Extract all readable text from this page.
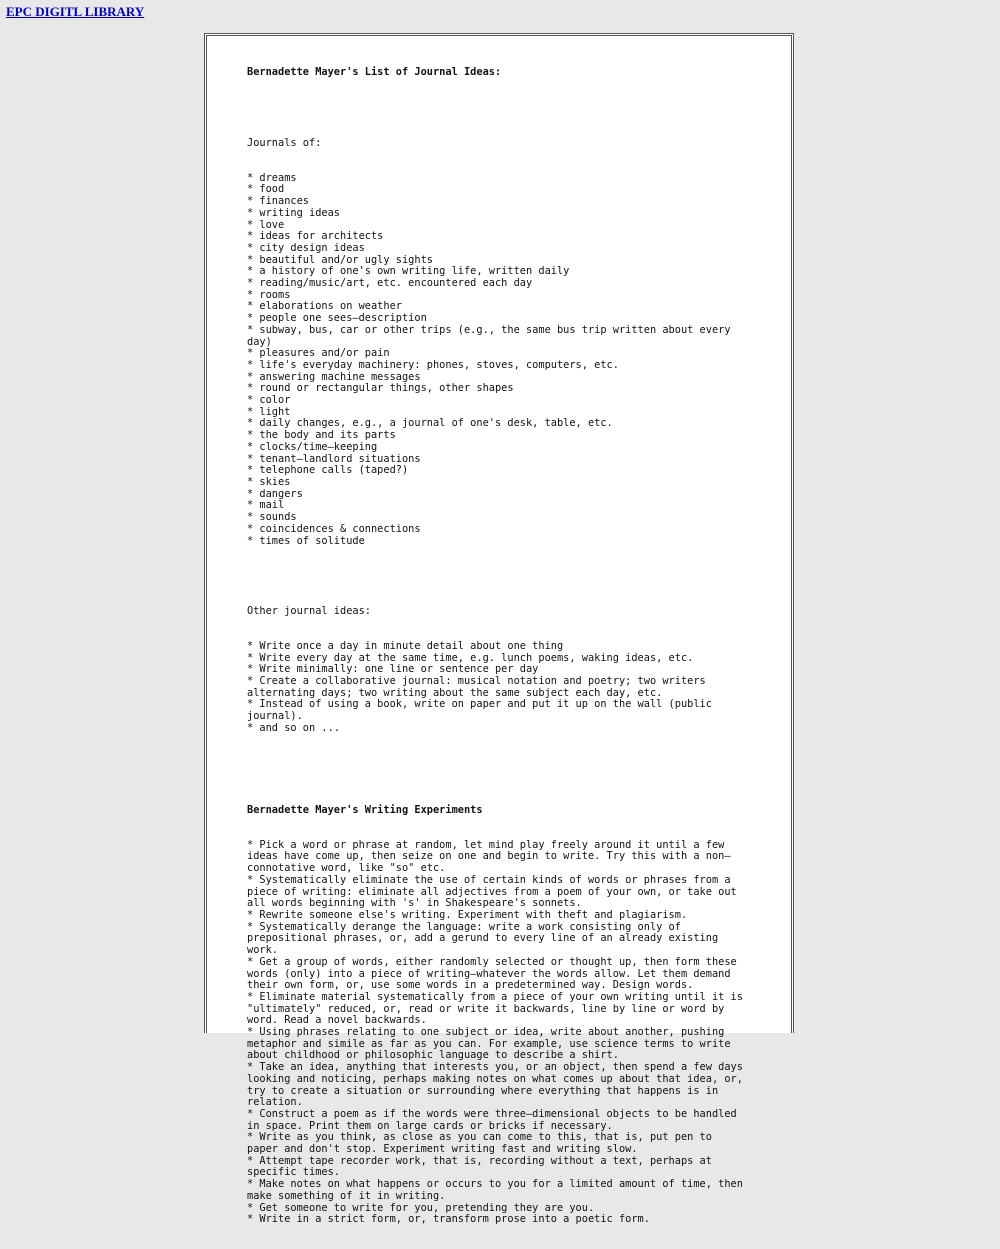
EPC DIGITL LIBRARY

Bernadette Mayer's List of Journal Ideas:

Journals of:

* dreams
* food
* finances
* writing ideas
* love
* ideas for architects
* city design ideas
* beautiful and/or ugly sights
* a history of one's own writing life, written daily
* reading/music/art, etc. encountered each day
* rooms
* elaborations on weather
* people one sees—description
* subway, bus, car or other trips (e.g., the same bus trip written about every day)
* pleasures and/or pain
* life's everyday machinery: phones, stoves, computers, etc.
* answering machine messages
* round or rectangular things, other shapes
* color
* light
* daily changes, e.g., a journal of one's desk, table, etc.
* the body and its parts
* clocks/time—keeping
* tenant—landlord situations
* telephone calls (taped?)
* skies
* dangers
* mail
* sounds
* coincidences & connections
* times of solitude

Other journal ideas:

* Write once a day in minute detail about one thing
* Write every day at the same time, e.g. lunch poems, waking ideas, etc.
* Write minimally: one line or sentence per day
* Create a collaborative journal: musical notation and poetry; two writers alternating days; two writing about the same subject each day, etc.
* Instead of using a book, write on paper and put it up on the wall (public journal).
* and so on ...

Bernadette Mayer's Writing Experiments

* Pick a word or phrase at random, let mind play freely around it until a few ideas have come up, then seize on one and begin to write. Try this with a non— connotative word, like "so" etc.
* Systematically eliminate the use of certain kinds of words or phrases from a piece of writing: eliminate all adjectives from a poem of your own, or take out all words beginning with 's' in Shakespeare's sonnets.
* Rewrite someone else's writing. Experiment with theft and plagiarism.
* Systematically derange the language: write a work consisting only of prepositional phrases, or, add a gerund to every line of an already existing work.
* Get a group of words, either randomly selected or thought up, then form these words (only) into a piece of writing—whatever the words allow. Let them demand their own form, or, use some words in a predetermined way. Design words.
* Eliminate material systematically from a piece of your own writing until it is "ultimately" reduced, or, read or write it backwards, line by line or word by word. Read a novel backwards.
* Using phrases relating to one subject or idea, write about another, pushing metaphor and simile as far as you can. For example, use science terms to write about childhood or philosophic language to describe a shirt.
* Take an idea, anything that interests you, or an object, then spend a few days looking and noticing, perhaps making notes on what comes up about that idea, or, try to create a situation or surrounding where everything that happens is in relation.
* Construct a poem as if the words were three—dimensional objects to be handled in space. Print them on large cards or bricks if necessary.
* Write as you think, as close as you can come to this, that is, put pen to paper and don't stop. Experiment writing fast and writing slow.
* Attempt tape recorder work, that is, recording without a text, perhaps at specific times.
* Make notes on what happens or occurs to you for a limited amount of time, then make something of it in writing.
* Get someone to write for you, pretending they are you.
* Write in a strict form, or, transform prose into a poetic form.
